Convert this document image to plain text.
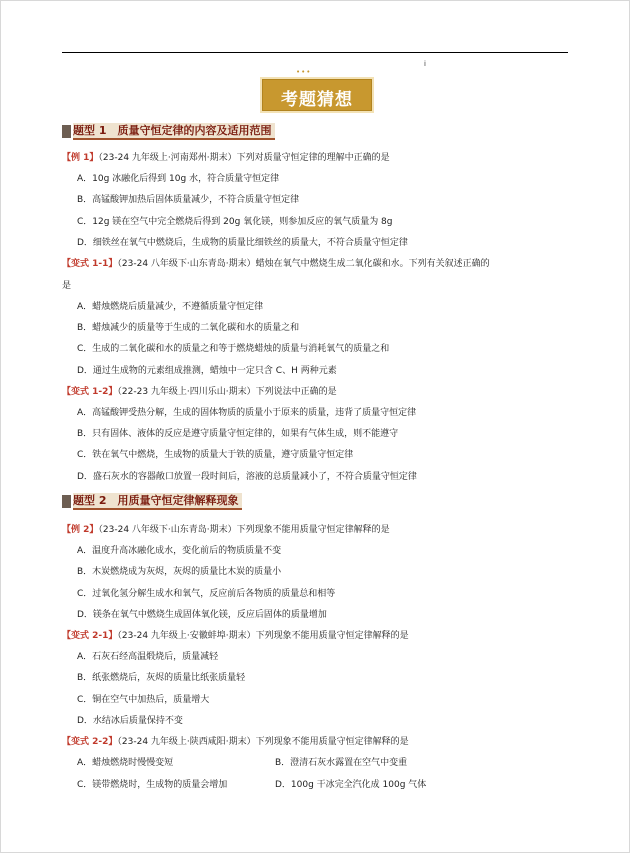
i
•••
考题猜想
题型 1　质量守恒定律的内容及适用范围
【例 1】（23-24 九年级上·河南郑州·期末）下列对质量守恒定律的理解中正确的是
A．10g 冰融化后得到 10g 水，符合质量守恒定律
B．高锰酸钾加热后固体质量减少，不符合质量守恒定律
C．12g 镁在空气中完全燃烧后得到 20g 氧化镁，则参加反应的氧气质量为 8g
D．细铁丝在氧气中燃烧后，生成物的质量比细铁丝的质量大，不符合质量守恒定律
【变式 1-1】（23-24 八年级下·山东青岛·期末）蜡烛在氧气中燃烧生成二氧化碳和水。下列有关叙述正确的
是
A．蜡烛燃烧后质量减少，不遵循质量守恒定律
B．蜡烛减少的质量等于生成的二氧化碳和水的质量之和
C．生成的二氧化碳和水的质量之和等于燃烧蜡烛的质量与消耗氧气的质量之和
D．通过生成物的元素组成推测，蜡烛中一定只含 C、H 两种元素
【变式 1-2】（22-23 九年级上·四川乐山·期末）下列说法中正确的是
A．高锰酸钾受热分解，生成的固体物质的质量小于原来的质量，违背了质量守恒定律
B．只有固体、液体的反应是遵守质量守恒定律的，如果有气体生成，则不能遵守
C．铁在氧气中燃烧，生成物的质量大于铁的质量，遵守质量守恒定律
D．盛石灰水的容器敞口放置一段时间后，溶液的总质量减小了，不符合质量守恒定律
题型 2　用质量守恒定律解释现象
【例 2】（23-24 八年级下·山东青岛·期末）下列现象不能用质量守恒定律解释的是
A．温度升高冰融化成水，变化前后的物质质量不变
B．木炭燃烧成为灰烬，灰烬的质量比木炭的质量小
C．过氧化氢分解生成水和氧气，反应前后各物质的质量总和相等
D．镁条在氧气中燃烧生成固体氧化镁，反应后固体的质量增加
【变式 2-1】（23-24 九年级上·安徽蚌埠·期末）下列现象不能用质量守恒定律解释的是
A．石灰石经高温煅烧后，质量减轻
B．纸张燃烧后，灰烬的质量比纸张质量轻
C．铜在空气中加热后，质量增大
D．水结冰后质量保持不变
【变式 2-2】（23-24 九年级上·陕西咸阳·期末）下列现象不能用质量守恒定律解释的是
A．蜡烛燃烧时慢慢变短	B．澄清石灰水露置在空气中变重
C．镁带燃烧时，生成物的质量会增加	D．100g 干冰完全汽化成 100g 气体
